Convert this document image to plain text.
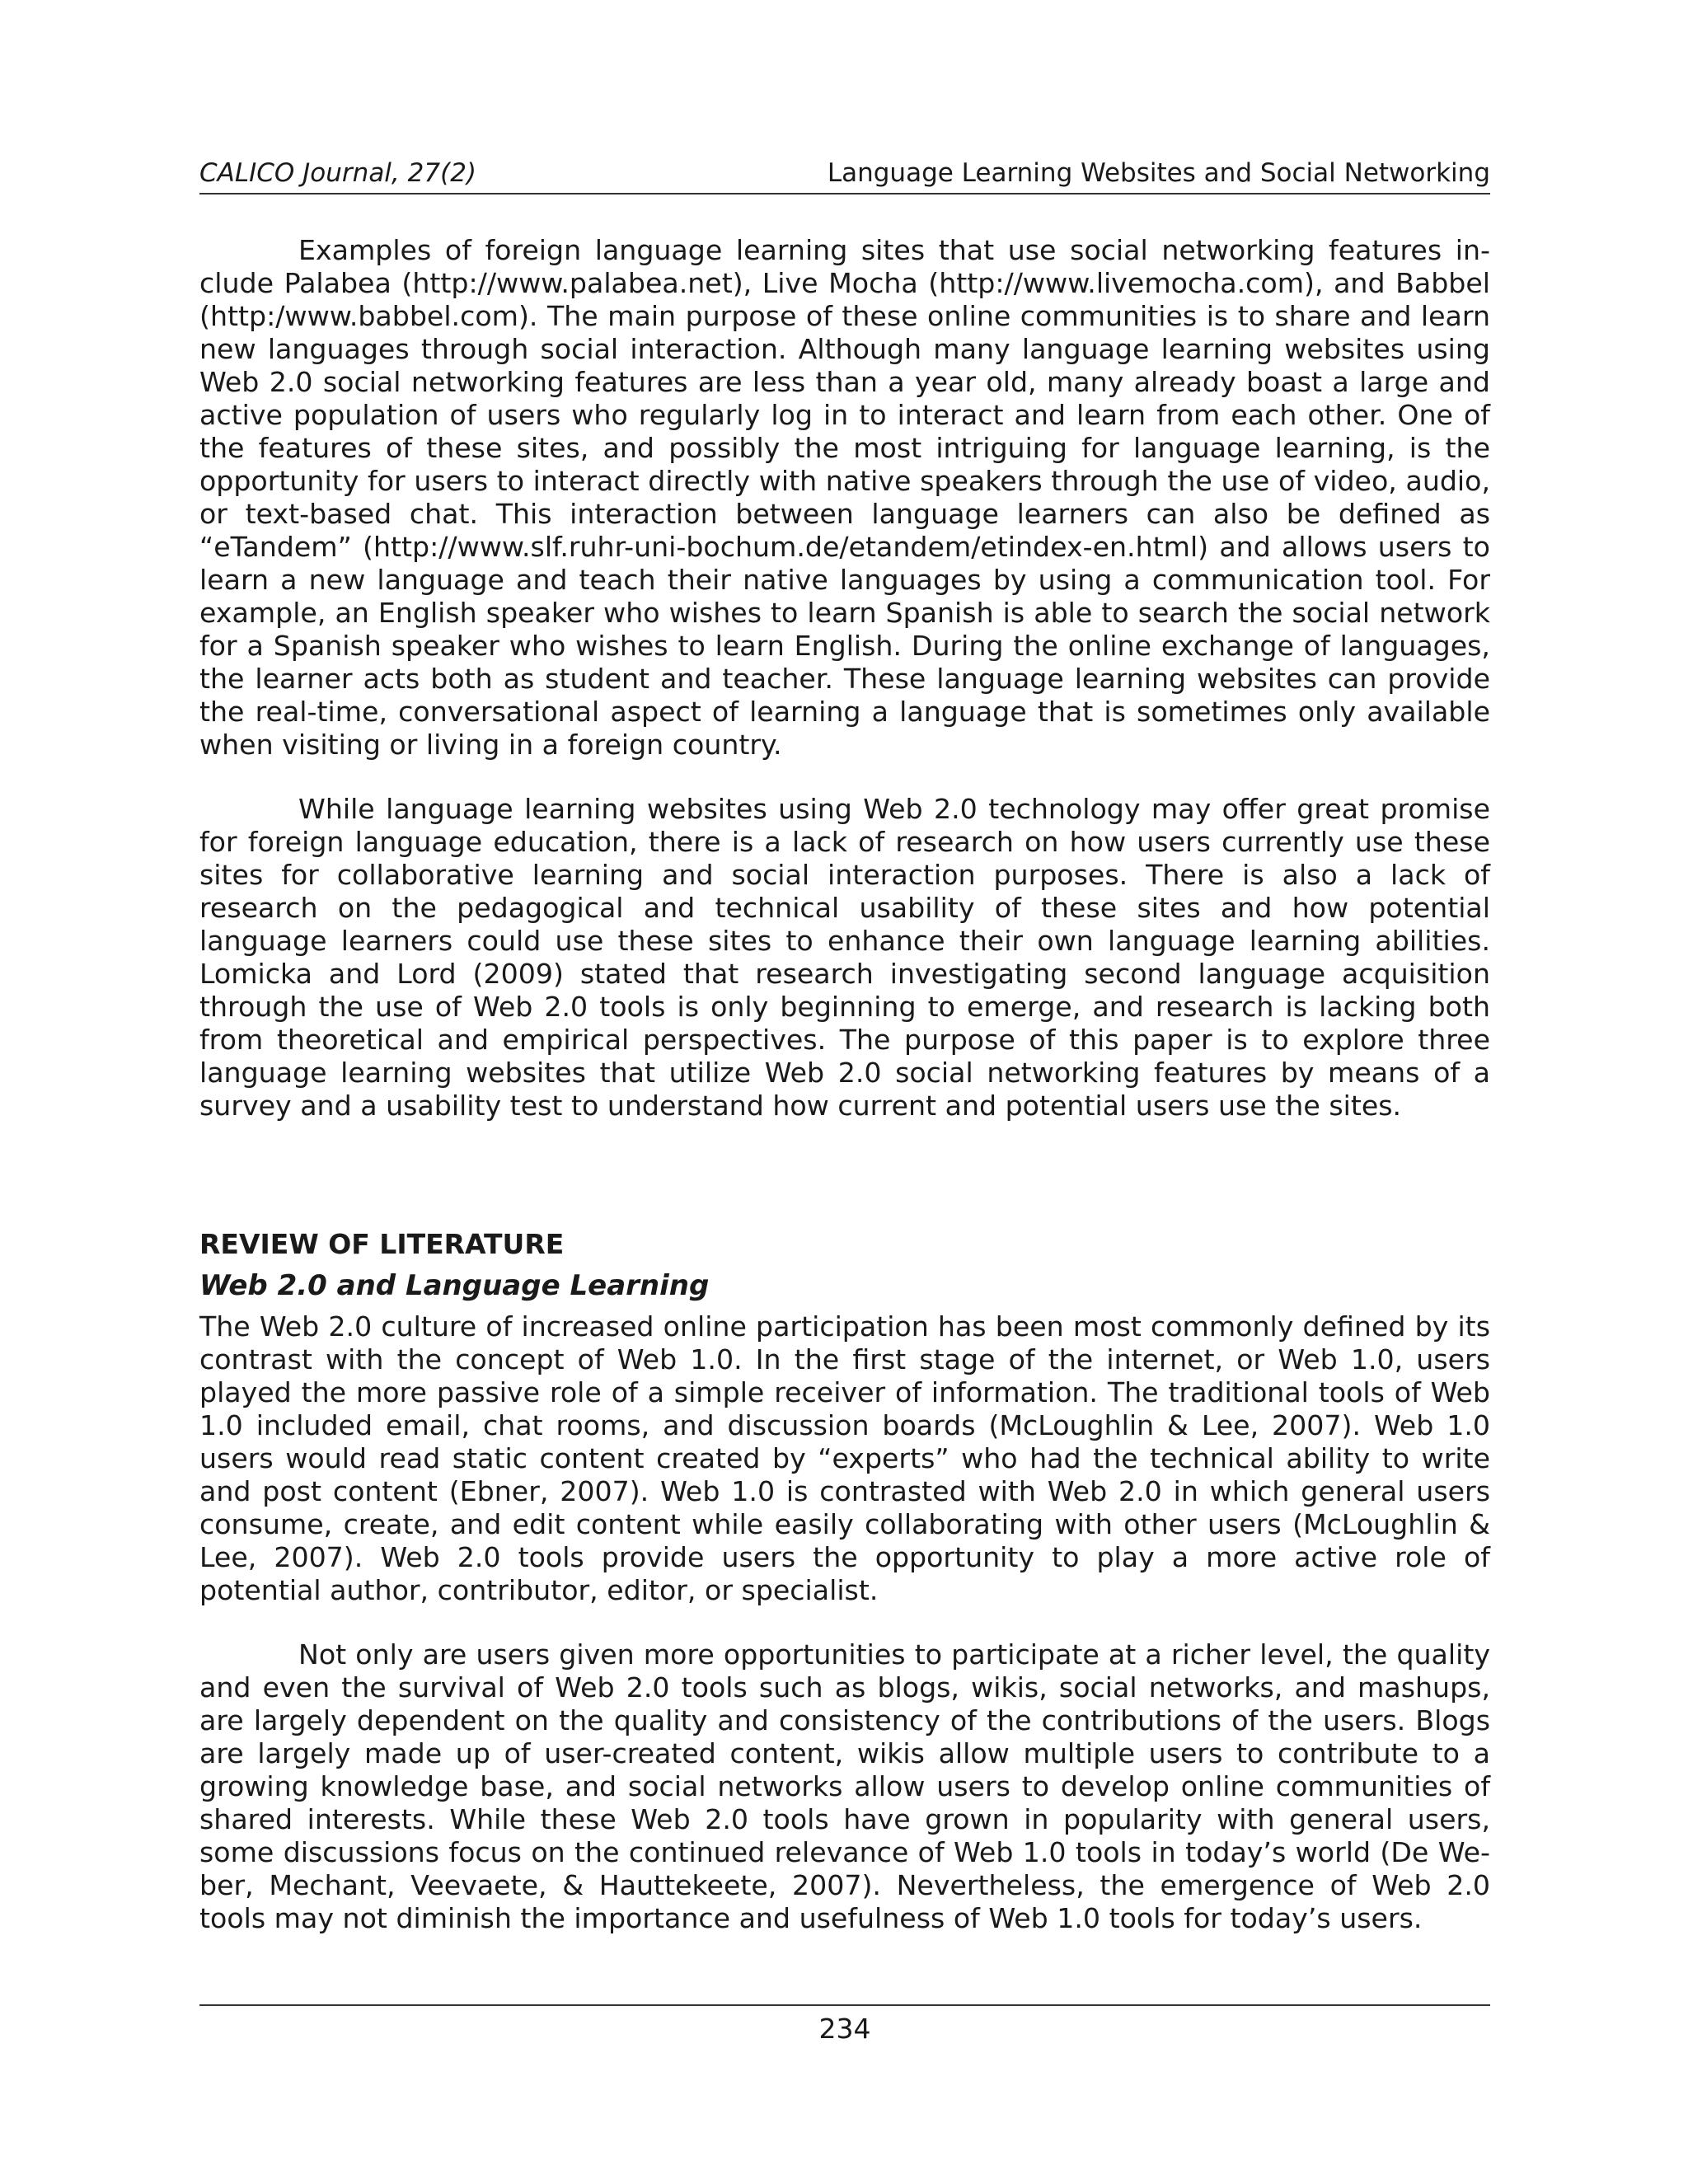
CALICO Journal, 27(2)	Language Learning Websites and Social Networking

Examples of foreign language learning sites that use social networking features include Palabea (http://www.palabea.net), Live Mocha (http://www.livemocha.com), and Babbel (http:/www.babbel.com). The main purpose of these online communities is to share and learn new languages through social interaction. Although many language learning websites using Web 2.0 social networking features are less than a year old, many already boast a large and active population of users who regularly log in to interact and learn from each other. One of the features of these sites, and possibly the most intriguing for language learning, is the opportunity for users to interact directly with native speakers through the use of video, audio, or text-based chat. This interaction between language learners can also be defined as “eTandem” (http://www.slf.ruhr-uni-bochum.de/etandem/etindex-en.html) and allows users to learn a new language and teach their native languages by using a communication tool. For example, an English speaker who wishes to learn Spanish is able to search the social network for a Spanish speaker who wishes to learn English. During the online exchange of languages, the learner acts both as student and teacher. These language learning websites can provide the real-time, conversational aspect of learning a language that is sometimes only available when visiting or living in a foreign country.

While language learning websites using Web 2.0 technology may offer great promise for foreign language education, there is a lack of research on how users currently use these sites for collaborative learning and social interaction purposes. There is also a lack of research on the pedagogical and technical usability of these sites and how potential language learners could use these sites to enhance their own language learning abilities. Lomicka and Lord (2009) stated that research investigating second language acquisition through the use of Web 2.0 tools is only beginning to emerge, and research is lacking both from theoretical and empirical perspectives. The purpose of this paper is to explore three language learning websites that utilize Web 2.0 social networking features by means of a survey and a usability test to understand how current and potential users use the sites.

REVIEW OF LITERATURE
Web 2.0 and Language Learning

The Web 2.0 culture of increased online participation has been most commonly defined by its contrast with the concept of Web 1.0. In the first stage of the internet, or Web 1.0, users played the more passive role of a simple receiver of information. The traditional tools of Web 1.0 included email, chat rooms, and discussion boards (McLoughlin & Lee, 2007). Web 1.0 users would read static content created by “experts” who had the technical ability to write and post content (Ebner, 2007). Web 1.0 is contrasted with Web 2.0 in which general users consume, create, and edit content while easily collaborating with other users (McLoughlin & Lee, 2007). Web 2.0 tools provide users the opportunity to play a more active role of potential author, contributor, editor, or specialist.

Not only are users given more opportunities to participate at a richer level, the quality and even the survival of Web 2.0 tools such as blogs, wikis, social networks, and mashups, are largely dependent on the quality and consistency of the contributions of the users. Blogs are largely made up of user-created content, wikis allow multiple users to contribute to a growing knowledge base, and social networks allow users to develop online communities of shared interests. While these Web 2.0 tools have grown in popularity with general users, some discussions focus on the continued relevance of Web 1.0 tools in today’s world (De Weber, Mechant, Veevaete, & Hauttekeete, 2007). Nevertheless, the emergence of Web 2.0 tools may not diminish the importance and usefulness of Web 1.0 tools for today’s users.

234
